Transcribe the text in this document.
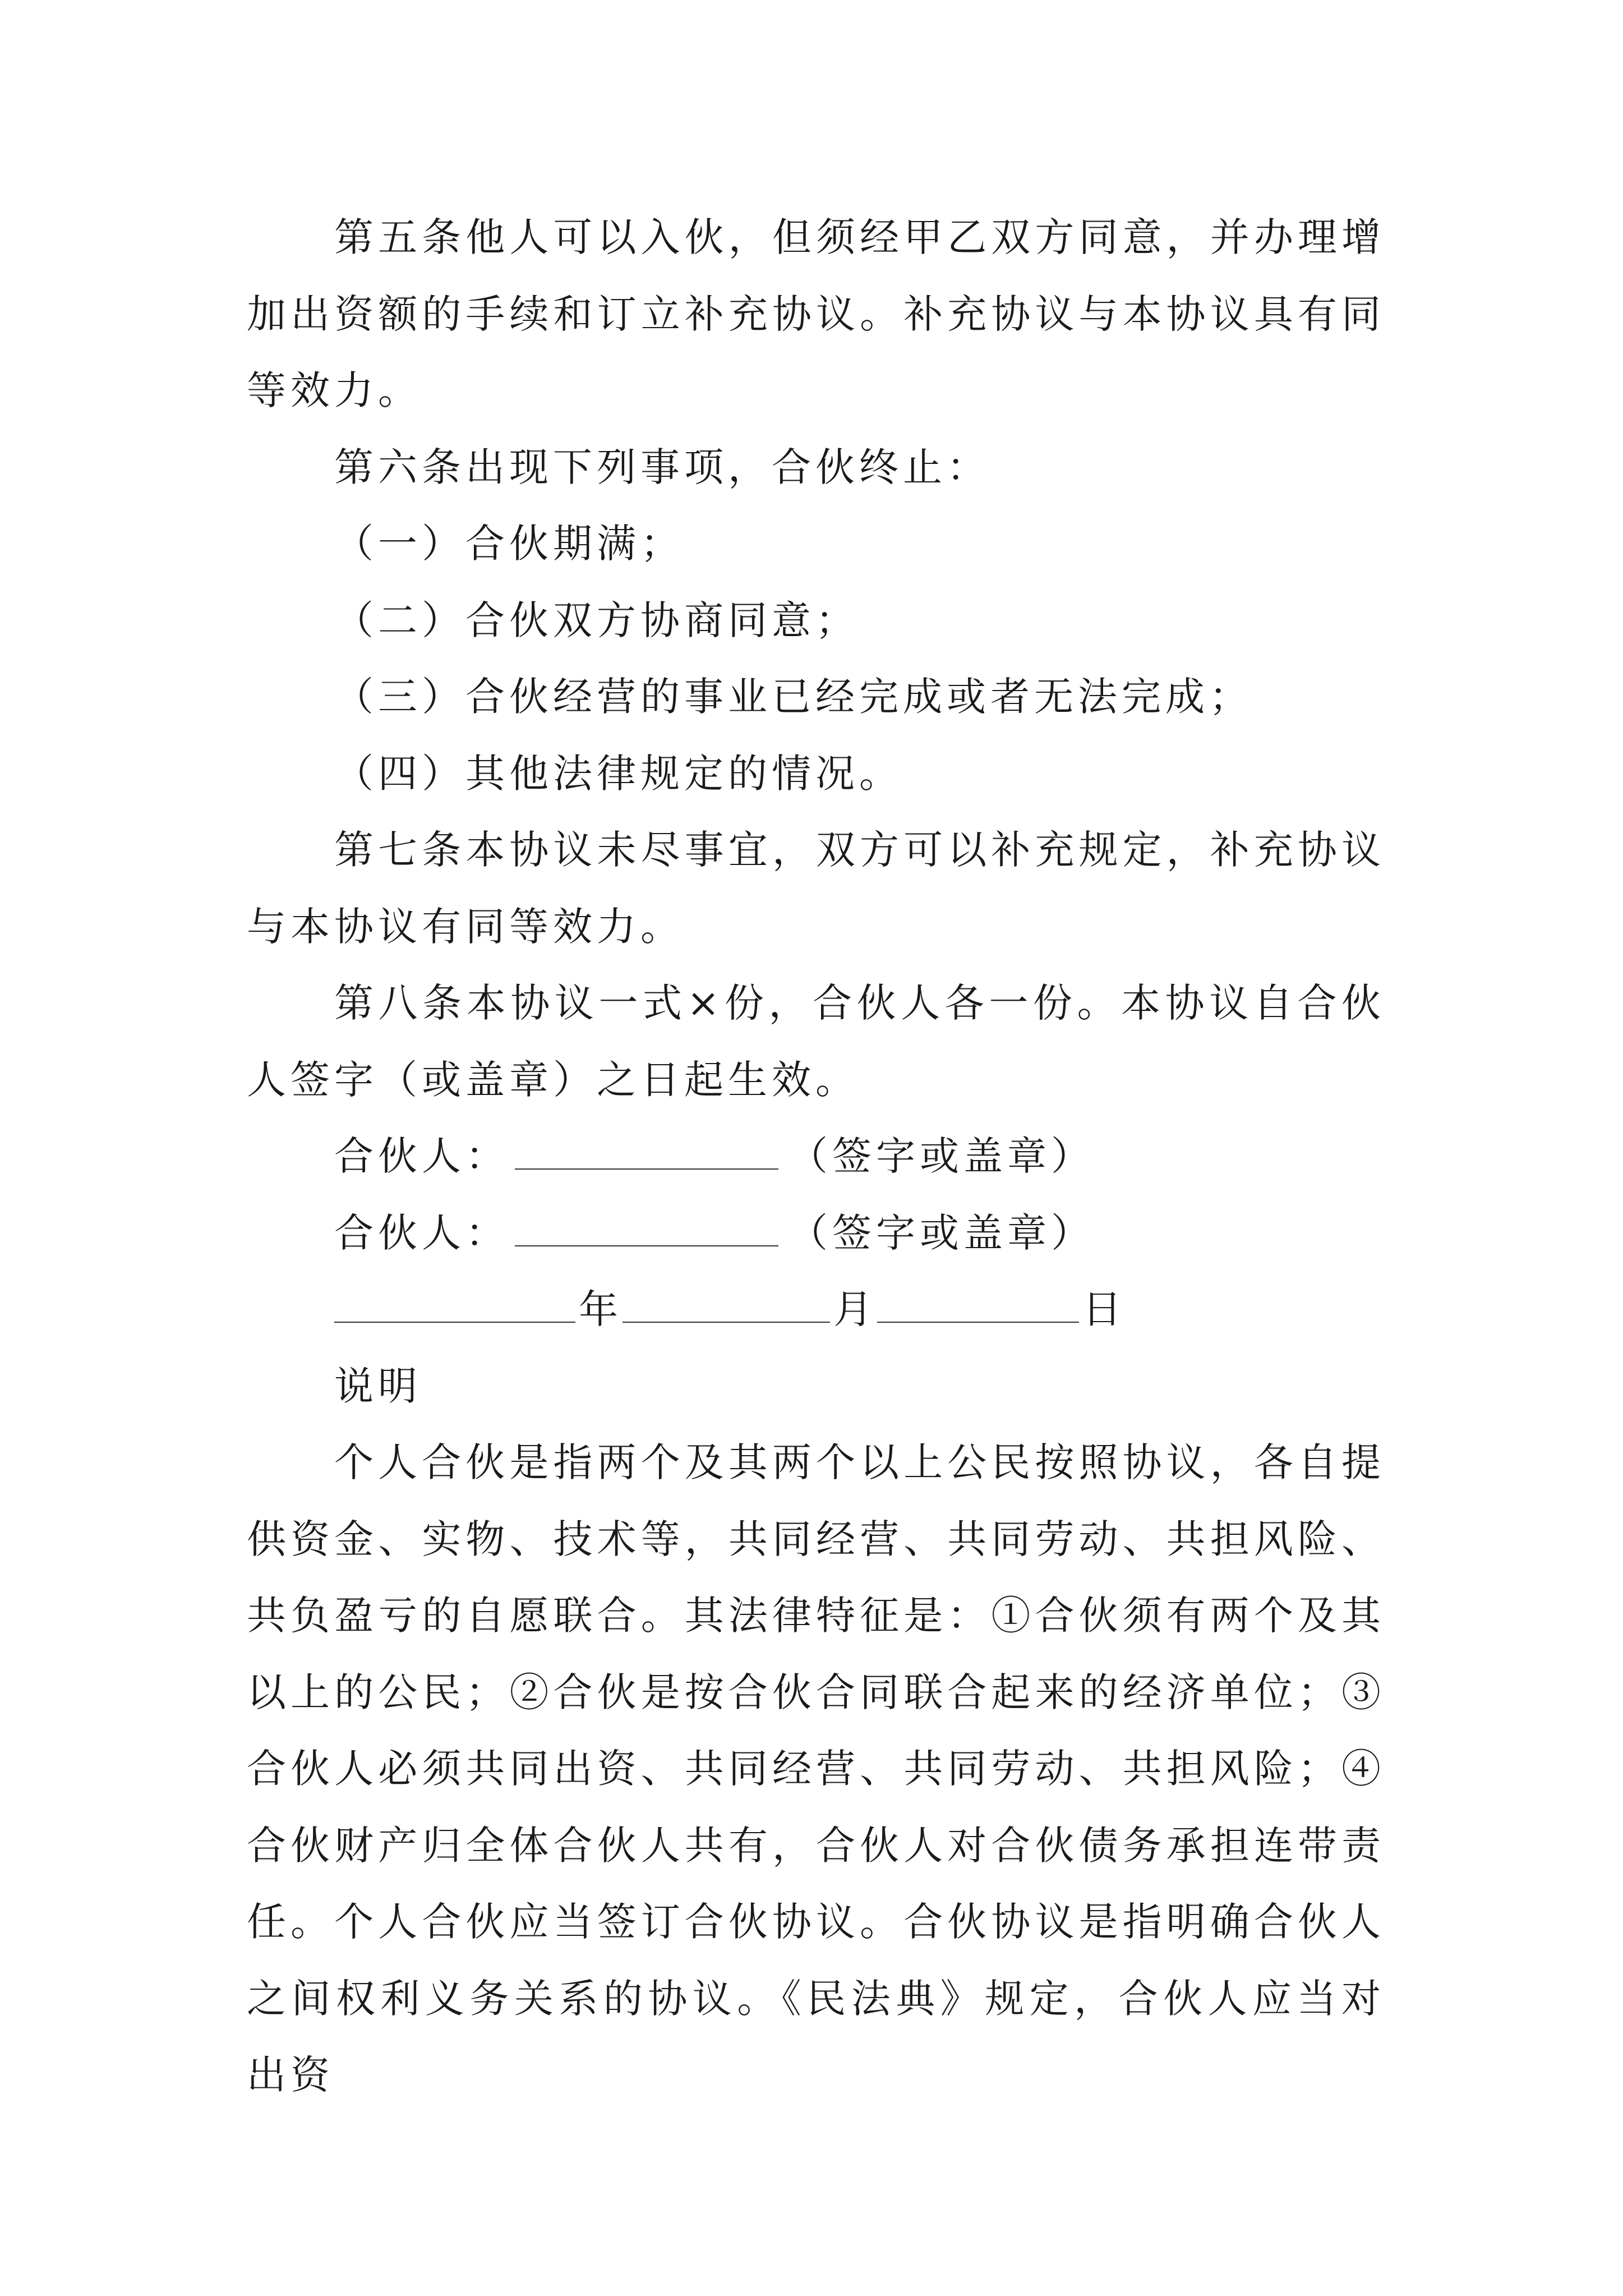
第五条他人可以入伙，但须经甲乙双方同意，并办理增加出资额的手续和订立补充协议。补充协议与本协议具有同等效力。

第六条出现下列事项，合伙终止：

（一）合伙期满；

（二）合伙双方协商同意；

（三）合伙经营的事业已经完成或者无法完成；

（四）其他法律规定的情况。

第七条本协议未尽事宜，双方可以补充规定，补充协议与本协议有同等效力。

第八条本协议一式×份，合伙人各一份。本协议自合伙人签字（或盖章）之日起生效。

合伙人：	（签字或盖章）

合伙人：	（签字或盖章）

年	月	日

说明

个人合伙是指两个及其两个以上公民按照协议，各自提供资金、实物、技术等，共同经营、共同劳动、共担风险、共负盈亏的自愿联合。其法律特征是：①合伙须有两个及其以上的公民；②合伙是按合伙合同联合起来的经济单位；③合伙人必须共同出资、共同经营、共同劳动、共担风险；④合伙财产归全体合伙人共有，合伙人对合伙债务承担连带责任。个人合伙应当签订合伙协议。合伙协议是指明确合伙人之间权利义务关系的协议。《民法典》规定，合伙人应当对出资
